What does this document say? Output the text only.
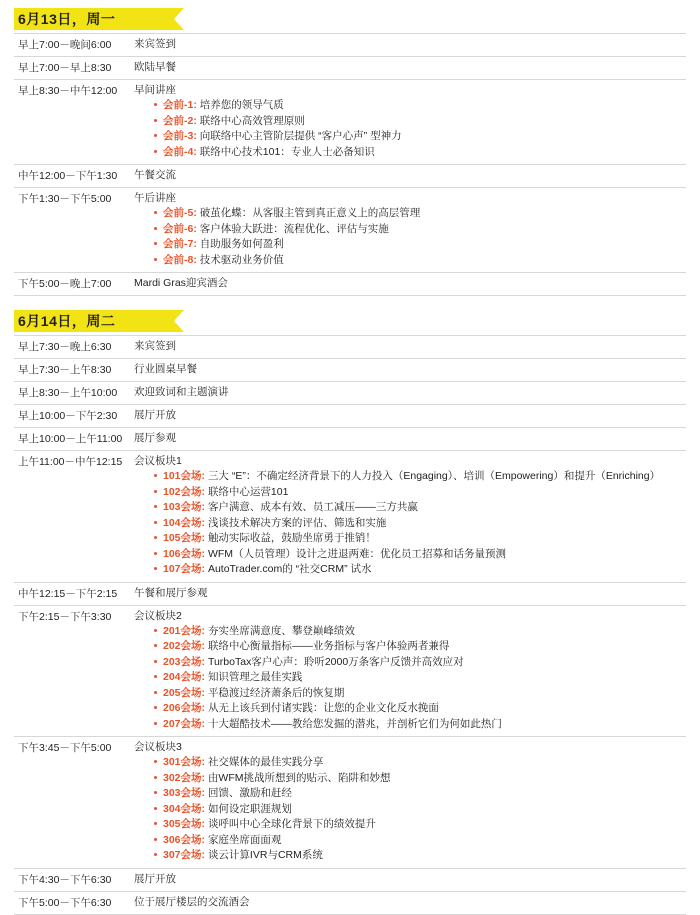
6月13日，周一
早上7:00－晚间6:00	来宾签到

早上7:00－早上8:30	欧陆早餐

早上8:30－中午12:00	早间讲座
会前-1: 培养您的领导气质
会前-2: 联络中心高效管理原则
会前-3: 向联络中心主管阶层提供 “客户心声” 型神力
会前-4: 联络中心技术101：专业人士必备知识

中午12:00－下午1:30	午餐交流

下午1:30－下午5:00	午后讲座
会前-5: 破茧化蝶：从客服主管到真正意义上的高层管理
会前-6: 客户体验大跃进：流程优化、评估与实施
会前-7: 自助服务如何盈利
会前-8: 技术驱动业务价值

下午5:00－晚上7:00	Mardi Gras迎宾酒会
6月14日，周二
早上7:30－晚上6:30	来宾签到

早上7:30－上午8:30	行业圆桌早餐

早上8:30－上午10:00	欢迎致词和主题演讲

早上10:00－下午2:30	展厅开放

早上10:00－上午11:00	展厅参观

上午11:00－中午12:15	会议板块1
101会场: 三大 “E”：不确定经济背景下的人力投入（Engaging）、培训（Empowering）和提升（Enriching）
102会场: 联络中心运营101
103会场: 客户满意、成本有效、员工减压——三方共赢
104会场: 浅谈技术解决方案的评估、筛选和实施
105会场: 触动实际收益，鼓励坐席勇于推销！
106会场: WFM（人员管理）设计之进退两难：优化员工招募和话务量预测
107会场: AutoTrader.com的 “社交CRM” 试水

中午12:15－下午2:15	午餐和展厅参观

下午2:15－下午3:30	会议板块2
201会场: 夯实坐席满意度、攀登巅峰绩效
202会场: 联络中心衡量指标——业务指标与客户体验两者兼得
203会场: TurboTax客户心声：聆听2000万条客户反馈并高效应对
204会场: 知识管理之最佳实践
205会场: 平稳渡过经济萧条后的恢复期
206会场: 从无上该兵到付诸实践：让您的企业文化反水挽面
207会场: 十大超酷技术——教给您发掘的潜兆，并剖析它们为何如此热门

下午3:45－下午5:00	会议板块3
301会场: 社交媒体的最佳实践分享
302会场: 由WFM挑战所想到的贴示、陷阱和妙想
303会场: 回馈、激励和赶经
304会场: 如何设定职涯规划
305会场: 谈呼叫中心全球化背景下的绩效提升
306会场: 家庭坐席面面观
307会场: 谈云计算IVR与CRM系统

下午4:30－下午6:30	展厅开放

下午5:00－下午6:30	位于展厅楼层的交流酒会
